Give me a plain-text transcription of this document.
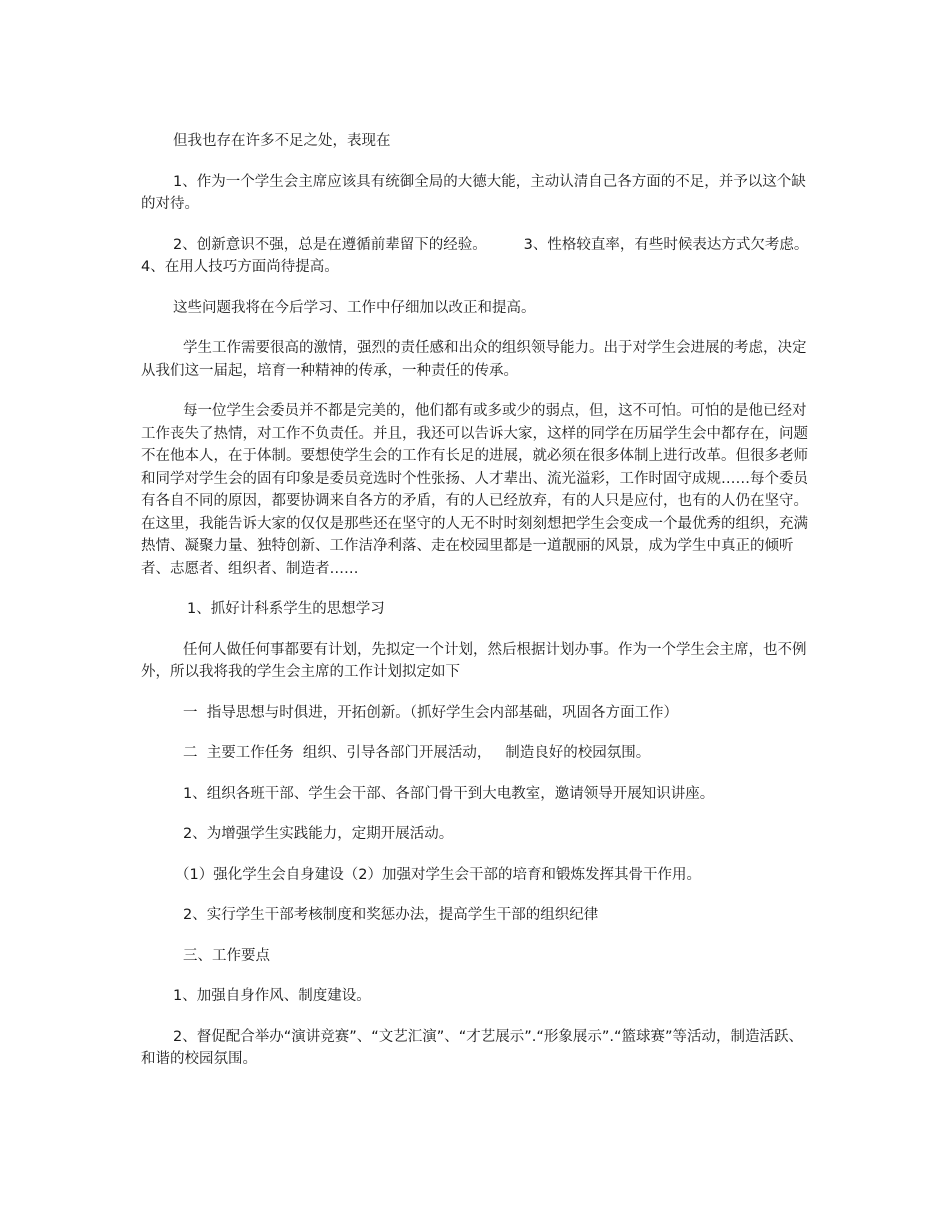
但我也存在许多不足之处，表现在

1、作为一个学生会主席应该具有统御全局的大德大能，主动认清自己各方面的不足，并予以这个缺的对待。

2、创新意识不强，总是在遵循前辈留下的经验。        3、性格较直率，有些时候表达方式欠考虑。        4、在用人技巧方面尚待提高。

这些问题我将在今后学习、工作中仔细加以改正和提高。

学生工作需要很高的激情，强烈的责任感和出众的组织领导能力。出于对学生会进展的考虑，决定从我们这一届起，培育一种精神的传承，一种责任的传承。

每一位学生会委员并不都是完美的，他们都有或多或少的弱点，但，这不可怕。可怕的是他已经对工作丧失了热情，对工作不负责任。并且，我还可以告诉大家，这样的同学在历届学生会中都存在，问题不在他本人，在于体制。要想使学生会的工作有长足的进展，就必须在很多体制上进行改革。但很多老师和同学对学生会的固有印象是委员竞选时个性张扬、人才辈出、流光溢彩，工作时固守成规……每个委员有各自不同的原因，都要协调来自各方的矛盾，有的人已经放弃，有的人只是应付，也有的人仍在坚守。在这里，我能告诉大家的仅仅是那些还在坚守的人无不时时刻刻想把学生会变成一个最优秀的组织，充满热情、凝聚力量、独特创新、工作洁净利落、走在校园里都是一道靓丽的风景，成为学生中真正的倾听者、志愿者、组织者、制造者……

1、抓好计科系学生的思想学习

任何人做任何事都要有计划，先拟定一个计划，然后根据计划办事。作为一个学生会主席，也不例外，所以我将我的学生会主席的工作计划拟定如下

一  指导思想与时俱进，开拓创新。（抓好学生会内部基础，巩固各方面工作）

二  主要工作任务  组织、引导各部门开展活动，   制造良好的校园氛围。

1、组织各班干部、学生会干部、各部门骨干到大电教室，邀请领导开展知识讲座。

2、为增强学生实践能力，定期开展活动。

（1）强化学生会自身建设（2）加强对学生会干部的培育和锻炼发挥其骨干作用。

2、实行学生干部考核制度和奖惩办法，提高学生干部的组织纪律

三、工作要点

1、加强自身作风、制度建设。

2、督促配合举办“演讲竞赛”、“文艺汇演”、“才艺展示”.“形象展示”.“篮球赛”等活动，制造活跃、和谐的校园氛围。
